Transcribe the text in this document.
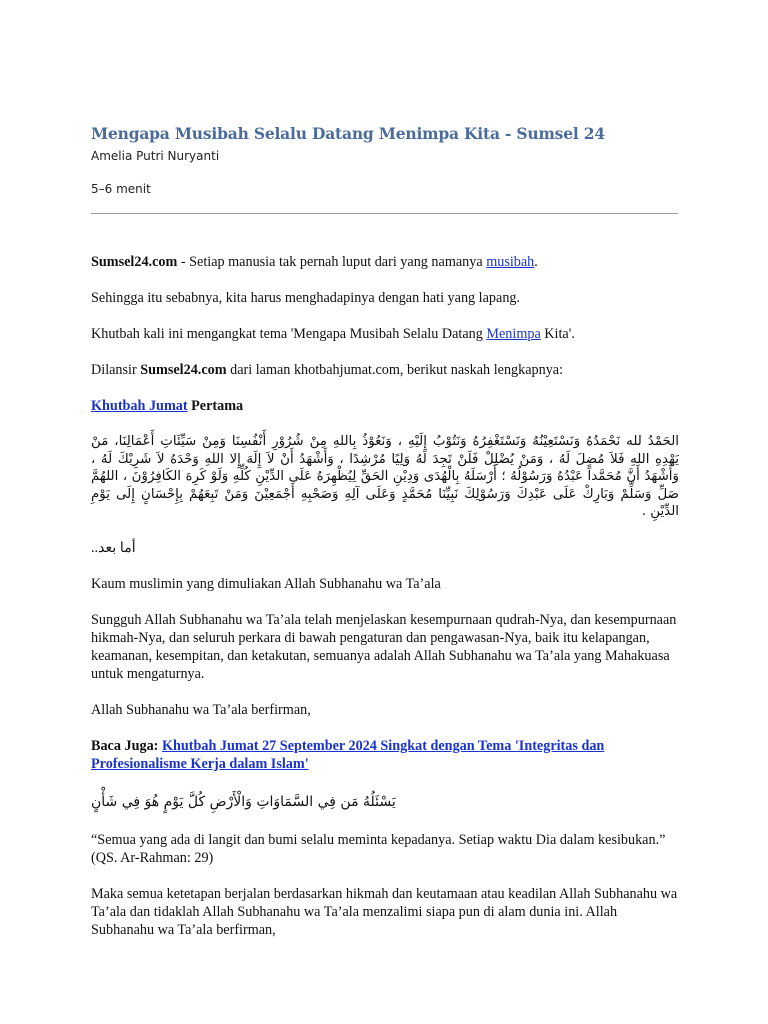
Mengapa Musibah Selalu Datang Menimpa Kita - Sumsel 24
Amelia Putri Nuryanti
5–6 menit

Sumsel24.com - Setiap manusia tak pernah luput dari yang namanya musibah.

Sehingga itu sebabnya, kita harus menghadapinya dengan hati yang lapang.

Khutbah kali ini mengangkat tema 'Mengapa Musibah Selalu Datang Menimpa Kita'.

Dilansir Sumsel24.com dari laman khotbahjumat.com, berikut naskah lengkapnya:

Khutbah Jumat Pertama

الحَمْدُ لله نَحْمَدُهُ وَنَسْتَعِيْنُهُ وَنَسْتَغْفِرُهُ وَنَتُوْبُ إِلَيْهِ ، وَنَعُوْذُ بِاللهِ مِنْ شُرُوْرِ أَنْفُسِنَا وَمِنْ سَيِّئَاتِ أَعْمَالِنَا، مَنْ يَهْدِهِ اللهِ فَلاَ مُضِلَ لَهُ ، وَمَنْ يُضْلِلْ فَلَنْ تَجِدَ لَهُ وَلِيًا مُرْشِدًا ، وَأَشْهَدُ أَنْ لاَ إِلَهَ إِلا اللهِ وَحْدَهُ لاَ شَرِيْكَ لَهُ ، وَأَشْهَدُ أَنَّ مُحَمَّداً عَبْدُهُ وَرَسُوْلُهُ ؛ أَرْسَلَهُ بِالْهُدَى وَدِيْنِ الحَقِّ لِيُظْهِرَهُ عَلَى الدِّيْنِ كُلِّهِ وَلَوْ كَرِهَ الكَافِرُوْنَ ، اللهُمَّ صَلِّ وَسَلِّمْ وَبَارِكْ عَلَى عَبْدِكَ وَرَسُوْلِكَ نَبِيِّنَا مُحَمَّدٍ وَعَلَى آلِهِ وَصَحْبِهِ أَجْمَعِيْنَ وَمَنْ تَبِعَهُمْ بِإِحْسَانٍ إِلَى يَوْمِ الدِّيْنِ .

أما بعد..

Kaum muslimin yang dimuliakan Allah Subhanahu wa Ta’ala

Sungguh Allah Subhanahu wa Ta’ala telah menjelaskan kesempurnaan qudrah-Nya, dan kesempurnaan hikmah-Nya, dan seluruh perkara di bawah pengaturan dan pengawasan-Nya, baik itu kelapangan, keamanan, kesempitan, dan ketakutan, semuanya adalah Allah Subhanahu wa Ta’ala yang Mahakuasa untuk mengaturnya.

Allah Subhanahu wa Ta’ala berfirman,

Baca Juga: Khutbah Jumat 27 September 2024 Singkat dengan Tema 'Integritas dan Profesionalisme Kerja dalam Islam'

يَسْئَلُهُ مَن فِي السَّمَاوَاتِ وَالْأَرْضِ كُلَّ يَوْمٍ هُوَ فِي شَأْنٍ

“Semua yang ada di langit dan bumi selalu meminta kepadanya. Setiap waktu Dia dalam kesibukan.” (QS. Ar-Rahman: 29)

Maka semua ketetapan berjalan berdasarkan hikmah dan keutamaan atau keadilan Allah Subhanahu wa Ta’ala dan tidaklah Allah Subhanahu wa Ta’ala menzalimi siapa pun di alam dunia ini. Allah Subhanahu wa Ta’ala berfirman,
